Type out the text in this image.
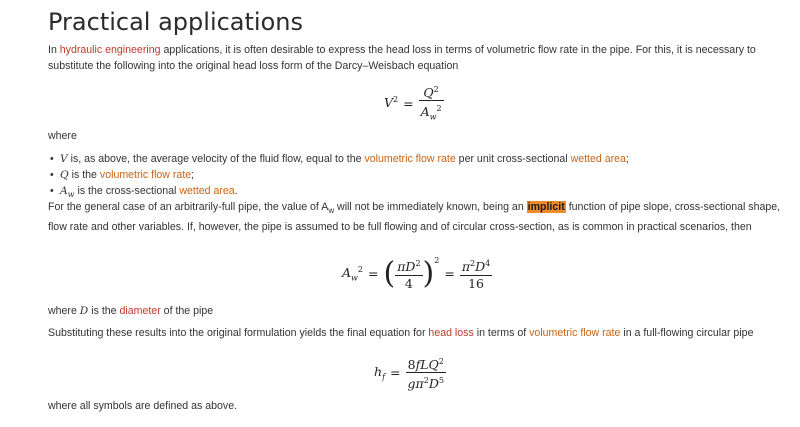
Practical applications

In hydraulic engineering applications, it is often desirable to express the head loss in terms of volumetric flow rate in the pipe. For this, it is necessary to substitute the following into the original head loss form of the Darcy–Weisbach equation

$V^2 = \frac{Q^2}{A_w^2}$

where

• V is, as above, the average velocity of the fluid flow, equal to the volumetric flow rate per unit cross-sectional wetted area;
• Q is the volumetric flow rate;
• $A_w$ is the cross-sectional wetted area.

For the general case of an arbitrarily-full pipe, the value of $A_w$ will not be immediately known, being an implicit function of pipe slope, cross-sectional shape, flow rate and other variables. If, however, the pipe is assumed to be full flowing and of circular cross-section, as is common in practical scenarios, then

$A_w^2$ = ( $\frac{\pi D^2}{4} )^2= \frac{\pi^2D^4}{16}$

where D is the diameter of the pipe

Substituting these results into the original formulation yields the final equation for head loss in terms of volumetric flow rate in a full-flowing circular pipe

$h_f = \frac{8fLQ^2}{g\pi^2D^5}$

where all symbols are defined as above.
